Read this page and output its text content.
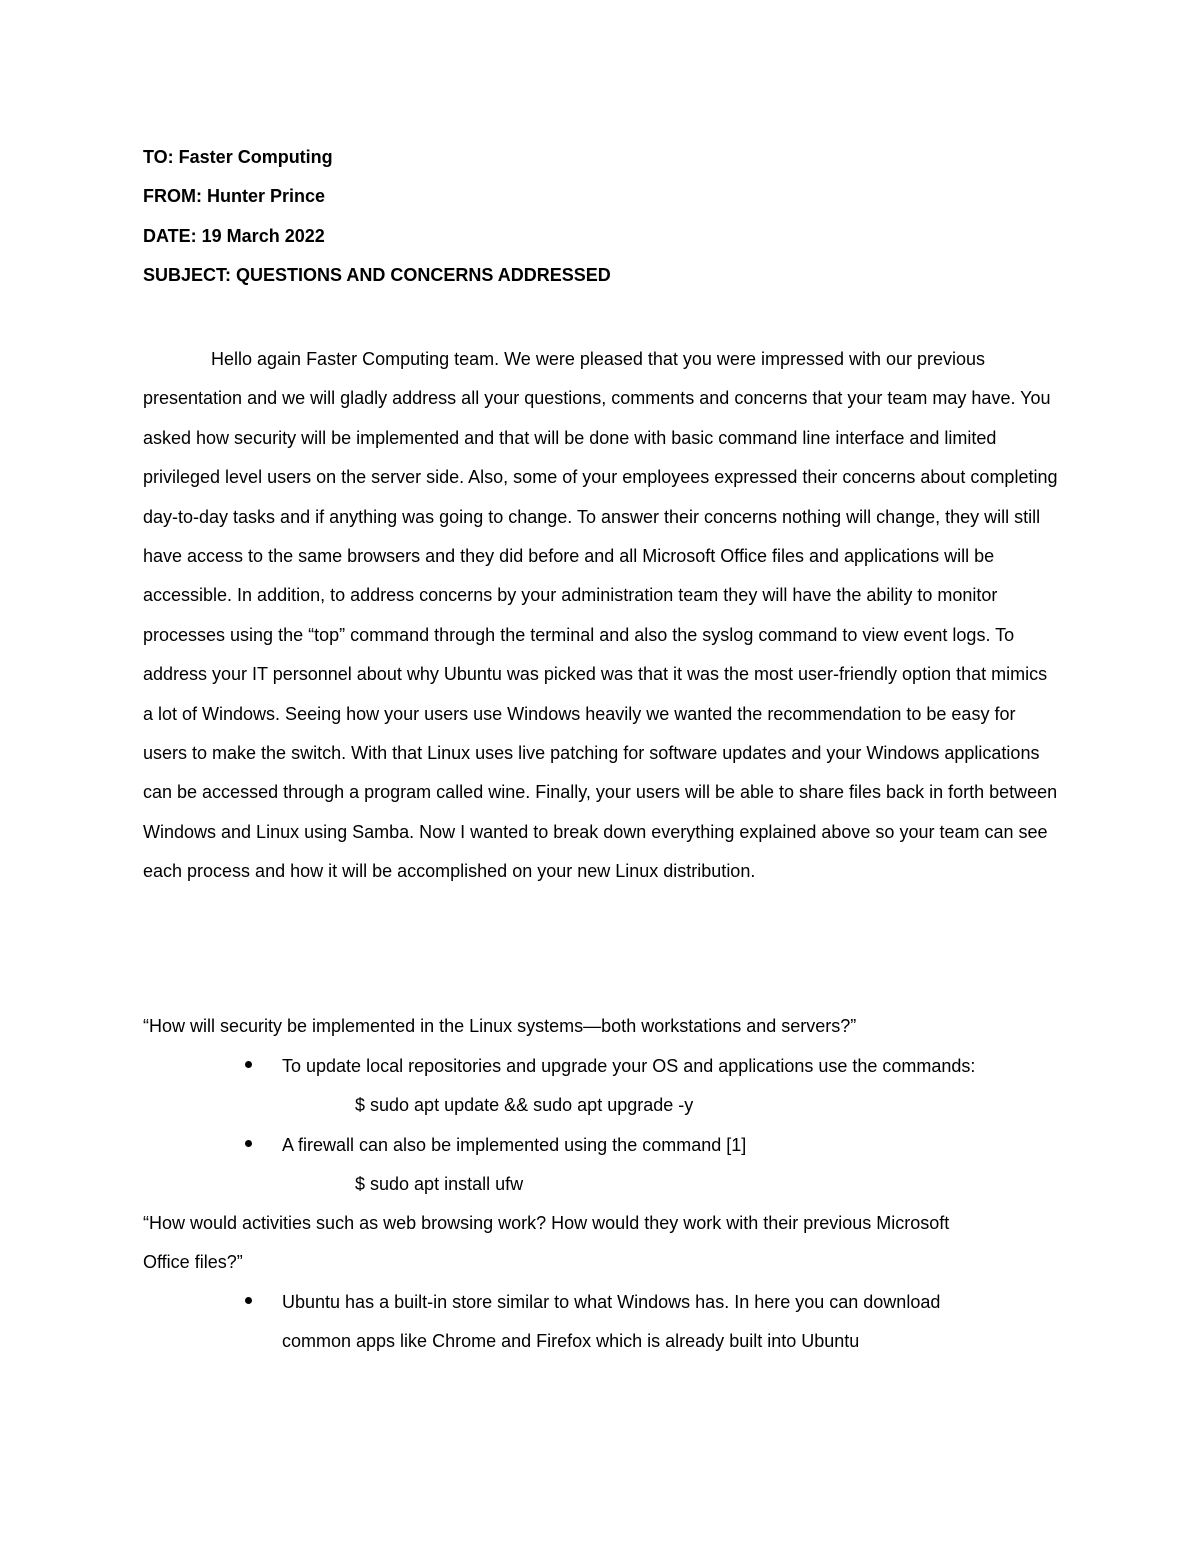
TO: Faster Computing
FROM: Hunter Prince
DATE: 19 March 2022
SUBJECT: QUESTIONS AND CONCERNS ADDRESSED

Hello again Faster Computing team. We were pleased that you were impressed with our previous presentation and we will gladly address all your questions, comments and concerns that your team may have. You asked how security will be implemented and that will be done with basic command line interface and limited privileged level users on the server side. Also, some of your employees expressed their concerns about completing day-to-day tasks and if anything was going to change. To answer their concerns nothing will change, they will still have access to the same browsers and they did before and all Microsoft Office files and applications will be accessible. In addition, to address concerns by your administration team they will have the ability to monitor processes using the “top” command through the terminal and also the syslog command to view event logs. To address your IT personnel about why Ubuntu was picked was that it was the most user-friendly option that mimics a lot of Windows. Seeing how your users use Windows heavily we wanted the recommendation to be easy for users to make the switch. With that Linux uses live patching for software updates and your Windows applications can be accessed through a program called wine. Finally, your users will be able to share files back in forth between Windows and Linux using Samba. Now I wanted to break down everything explained above so your team can see each process and how it will be accomplished on your new Linux distribution.

“How will security be implemented in the Linux systems—both workstations and servers?”
To update local repositories and upgrade your OS and applications use the commands:
$ sudo apt update && sudo apt upgrade -y
A firewall can also be implemented using the command [1]
$ sudo apt install ufw
“How would activities such as web browsing work? How would they work with their previous Microsoft
Office files?”
Ubuntu has a built-in store similar to what Windows has. In here you can download
common apps like Chrome and Firefox which is already built into Ubuntu
